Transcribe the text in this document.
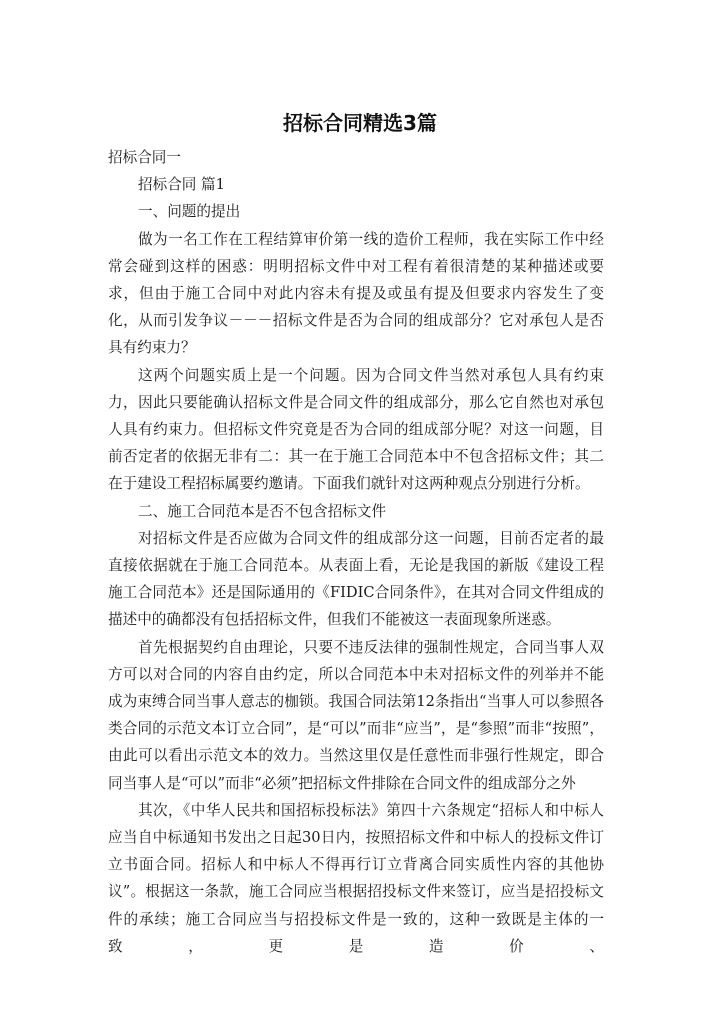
招标合同精选3篇

招标合同一

招标合同 篇1

一、问题的提出

做为一名工作在工程结算审价第一线的造价工程师，我在实际工作中经常会碰到这样的困惑：明明招标文件中对工程有着很清楚的某种描述或要求，但由于施工合同中对此内容未有提及或虽有提及但要求内容发生了变化，从而引发争议－－－招标文件是否为合同的组成部分？它对承包人是否具有约束力？

这两个问题实质上是一个问题。因为合同文件当然对承包人具有约束力，因此只要能确认招标文件是合同文件的组成部分，那么它自然也对承包人具有约束力。但招标文件究竟是否为合同的组成部分呢？对这一问题，目前否定者的依据无非有二：其一在于施工合同范本中不包含招标文件；其二在于建设工程招标属要约邀请。下面我们就针对这两种观点分别进行分析。

二、施工合同范本是否不包含招标文件

对招标文件是否应做为合同文件的组成部分这一问题，目前否定者的最直接依据就在于施工合同范本。从表面上看，无论是我国的新版《建设工程施工合同范本》还是国际通用的《FIDIC合同条件》，在其对合同文件组成的描述中的确都没有包括招标文件，但我们不能被这一表面现象所迷惑。

首先根据契约自由理论，只要不违反法律的强制性规定，合同当事人双方可以对合同的内容自由约定，所以合同范本中未对招标文件的列举并不能成为束缚合同当事人意志的枷锁。我国合同法第12条指出“当事人可以参照各类合同的示范文本订立合同”，是“可以”而非“应当”，是“参照”而非“按照”，由此可以看出示范文本的效力。当然这里仅是任意性而非强行性规定，即合同当事人是“可以”而非“必须”把招标文件排除在合同文件的组成部分之外

其次，《中华人民共和国招标投标法》第四十六条规定“招标人和中标人应当自中标通知书发出之日起30日内，按照招标文件和中标人的投标文件订立书面合同。招标人和中标人不得再行订立背离合同实质性内容的其他协议”。根据这一条款，施工合同应当根据招投标文件来签订，应当是招投标文件的承续；施工合同应当与招投标文件是一致的，这种一致既是主体的一致，更是造价、
